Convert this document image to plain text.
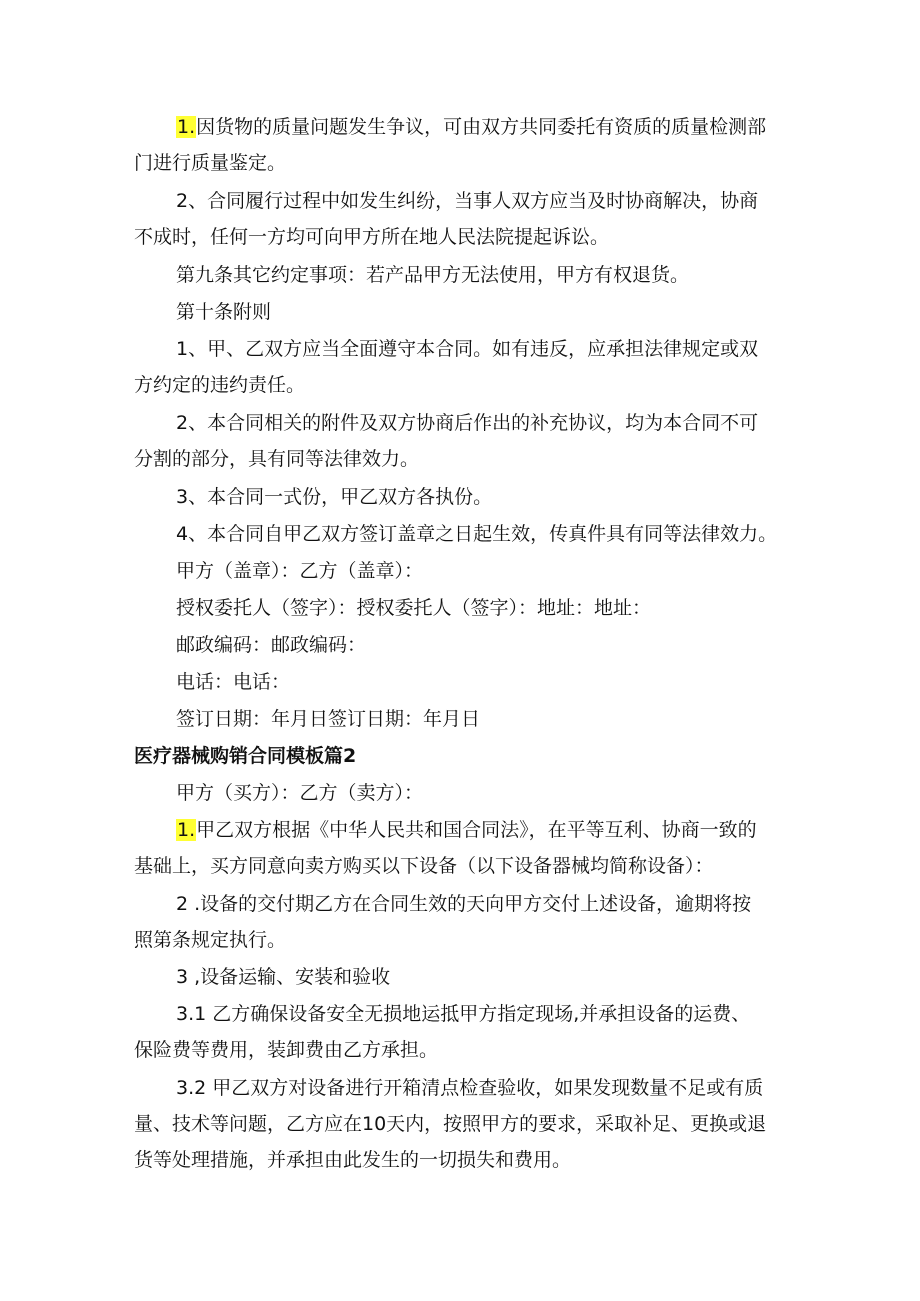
1.因货物的质量问题发生争议，可由双方共同委托有资质的质量检测部

门进行质量鉴定。

2、合同履行过程中如发生纠纷，当事人双方应当及时协商解决，协商

不成时，任何一方均可向甲方所在地人民法院提起诉讼。

第九条其它约定事项：若产品甲方无法使用，甲方有权退货。

第十条附则

1、甲、乙双方应当全面遵守本合同。如有违反，应承担法律规定或双

方约定的违约责任。

2、本合同相关的附件及双方协商后作出的补充协议，均为本合同不可

分割的部分，具有同等法律效力。

3、本合同一式份，甲乙双方各执份。

4、本合同自甲乙双方签订盖章之日起生效，传真件具有同等法律效力。

甲方（盖章）：乙方（盖章）：

授权委托人（签字）：授权委托人（签字）：地址：地址：

邮政编码：邮政编码：

电话：电话：

签订日期：年月日签订日期：年月日

医疗器械购销合同模板篇2

甲方（买方）：乙方（卖方）：

1.甲乙双方根据《中华人民共和国合同法》，在平等互利、协商一致的

基础上，买方同意向卖方购买以下设备（以下设备器械均简称设备）：

2 .设备的交付期乙方在合同生效的天向甲方交付上述设备，逾期将按

照第条规定执行。

3 ,设备运输、安装和验收

3.1 乙方确保设备安全无损地运抵甲方指定现场,并承担设备的运费、

保险费等费用，装卸费由乙方承担。

3.2 甲乙双方对设备进行开箱清点检查验收，如果发现数量不足或有质

量、技术等问题，乙方应在10天内，按照甲方的要求，采取补足、更换或退

货等处理措施，并承担由此发生的一切损失和费用。
